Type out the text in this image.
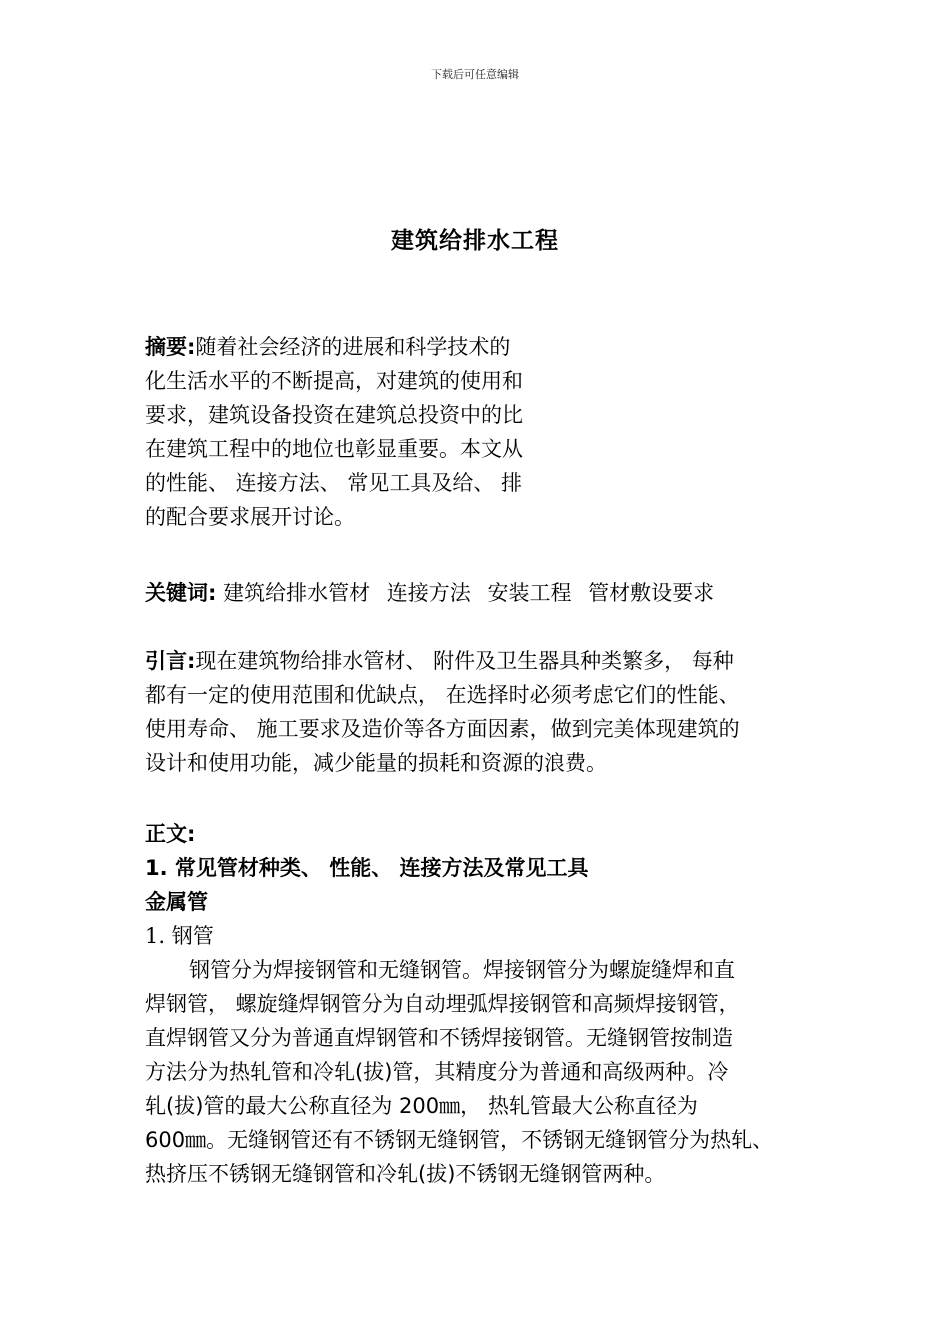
下载后可任意编辑
建筑给排水工程
摘要:随着社会经济的进展和科学技术的
化生活水平的不断提高，对建筑的使用和
要求，建筑设备投资在建筑总投资中的比
在建筑工程中的地位也彰显重要。本文从
的性能、 连接方法、 常见工具及给、 排
的配合要求展开讨论。
关键词: 建筑给排水管材 连接方法 安装工程 管材敷设要求
引言:现在建筑物给排水管材、 附件及卫生器具种类繁多， 每种
都有一定的使用范围和优缺点， 在选择时必须考虑它们的性能、
使用寿命、 施工要求及造价等各方面因素，做到完美体现建筑的
设计和使用功能，减少能量的损耗和资源的浪费。
正文:
1. 常见管材种类、 性能、 连接方法及常见工具
金属管
1. 钢管
钢管分为焊接钢管和无缝钢管。焊接钢管分为螺旋缝焊和直
焊钢管， 螺旋缝焊钢管分为自动埋弧焊接钢管和高频焊接钢管，
直焊钢管又分为普通直焊钢管和不锈焊接钢管。无缝钢管按制造
方法分为热轧管和冷轧(拔)管，其精度分为普通和高级两种。冷
轧(拔)管的最大公称直径为 200㎜， 热轧管最大公称直径为
600㎜。无缝钢管还有不锈钢无缝钢管，不锈钢无缝钢管分为热轧、
热挤压不锈钢无缝钢管和冷轧(拔)不锈钢无缝钢管两种。
